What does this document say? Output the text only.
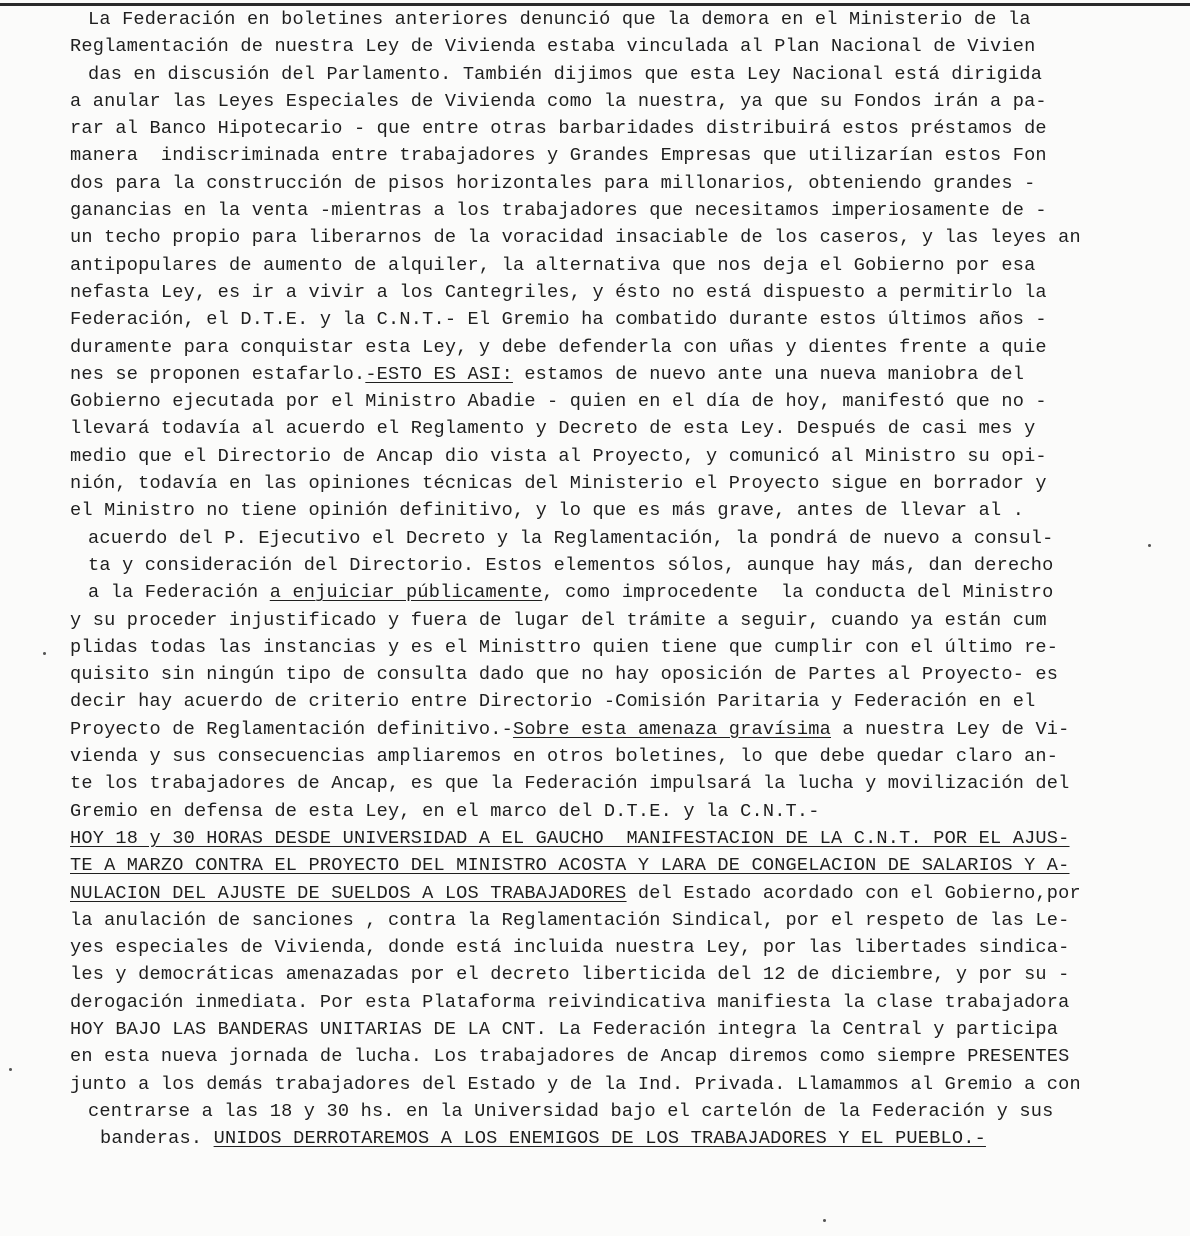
La Federación en boletines anteriores denunció que la demora en el Ministerio de la
Reglamentación de nuestra Ley de Vivienda estaba vinculada al Plan Nacional de Vivien
das en discusión del Parlamento. También dijimos que esta Ley Nacional está dirigida
a anular las Leyes Especiales de Vivienda como la nuestra, ya que su Fondos irán a pa-
rar al Banco Hipotecario - que entre otras barbaridades distribuirá estos préstamos de
manera  indiscriminada entre trabajadores y Grandes Empresas que utilizarían estos Fon
dos para la construcción de pisos horizontales para millonarios, obteniendo grandes -
ganancias en la venta -mientras a los trabajadores que necesitamos imperiosamente de -
un techo propio para liberarnos de la voracidad insaciable de los caseros, y las leyes an
antipopulares de aumento de alquiler, la alternativa que nos deja el Gobierno por esa
nefasta Ley, es ir a vivir a los Cantegriles, y ésto no está dispuesto a permitirlo la
Federación, el D.T.E. y la C.N.T.- El Gremio ha combatido durante estos últimos años -
duramente para conquistar esta Ley, y debe defenderla con uñas y dientes frente a quie
nes se proponen estafarlo.-ESTO ES ASI: estamos de nuevo ante una nueva maniobra del
Gobierno ejecutada por el Ministro Abadie - quien en el día de hoy, manifestó que no -
llevará todavía al acuerdo el Reglamento y Decreto de esta Ley. Después de casi mes y
medio que el Directorio de Ancap dio vista al Proyecto, y comunicó al Ministro su opi-
nión, todavía en las opiniones técnicas del Ministerio el Proyecto sigue en borrador y
el Ministro no tiene opinión definitivo, y lo que es más grave, antes de llevar al .
acuerdo del P. Ejecutivo el Decreto y la Reglamentación, la pondrá de nuevo a consul-
ta y consideración del Directorio. Estos elementos sólos, aunque hay más, dan derecho
a la Federación a enjuiciar públicamente, como improcedente  la conducta del Ministro
y su proceder injustificado y fuera de lugar del trámite a seguir, cuando ya están cum
plidas todas las instancias y es el Ministtro quien tiene que cumplir con el último re-
quisito sin ningún tipo de consulta dado que no hay oposición de Partes al Proyecto- es
decir hay acuerdo de criterio entre Directorio -Comisión Paritaria y Federación en el
Proyecto de Reglamentación definitivo.-Sobre esta amenaza gravísima a nuestra Ley de Vi-
vienda y sus consecuencias ampliaremos en otros boletines, lo que debe quedar claro an-
te los trabajadores de Ancap, es que la Federación impulsará la lucha y movilización del
Gremio en defensa de esta Ley, en el marco del D.T.E. y la C.N.T.-
HOY 18 y 30 HORAS DESDE UNIVERSIDAD A EL GAUCHO  MANIFESTACION DE LA C.N.T. POR EL AJUS-
TE A MARZO CONTRA EL PROYECTO DEL MINISTRO ACOSTA Y LARA DE CONGELACION DE SALARIOS Y A-
NULACION DEL AJUSTE DE SUELDOS A LOS TRABAJADORES del Estado acordado con el Gobierno,por
la anulación de sanciones , contra la Reglamentación Sindical, por el respeto de las Le-
yes especiales de Vivienda, donde está incluida nuestra Ley, por las libertades sindica-
les y democráticas amenazadas por el decreto liberticida del 12 de diciembre, y por su -
derogación inmediata. Por esta Plataforma reivindicativa manifiesta la clase trabajadora
HOY BAJO LAS BANDERAS UNITARIAS DE LA CNT. La Federación integra la Central y participa
en esta nueva jornada de lucha. Los trabajadores de Ancap diremos como siempre PRESENTES
junto a los demás trabajadores del Estado y de la Ind. Privada. Llamammos al Gremio a con
centrarse a las 18 y 30 hs. en la Universidad bajo el cartelón de la Federación y sus
banderas. UNIDOS DERROTAREMOS A LOS ENEMIGOS DE LOS TRABAJADORES Y EL PUEBLO.-
